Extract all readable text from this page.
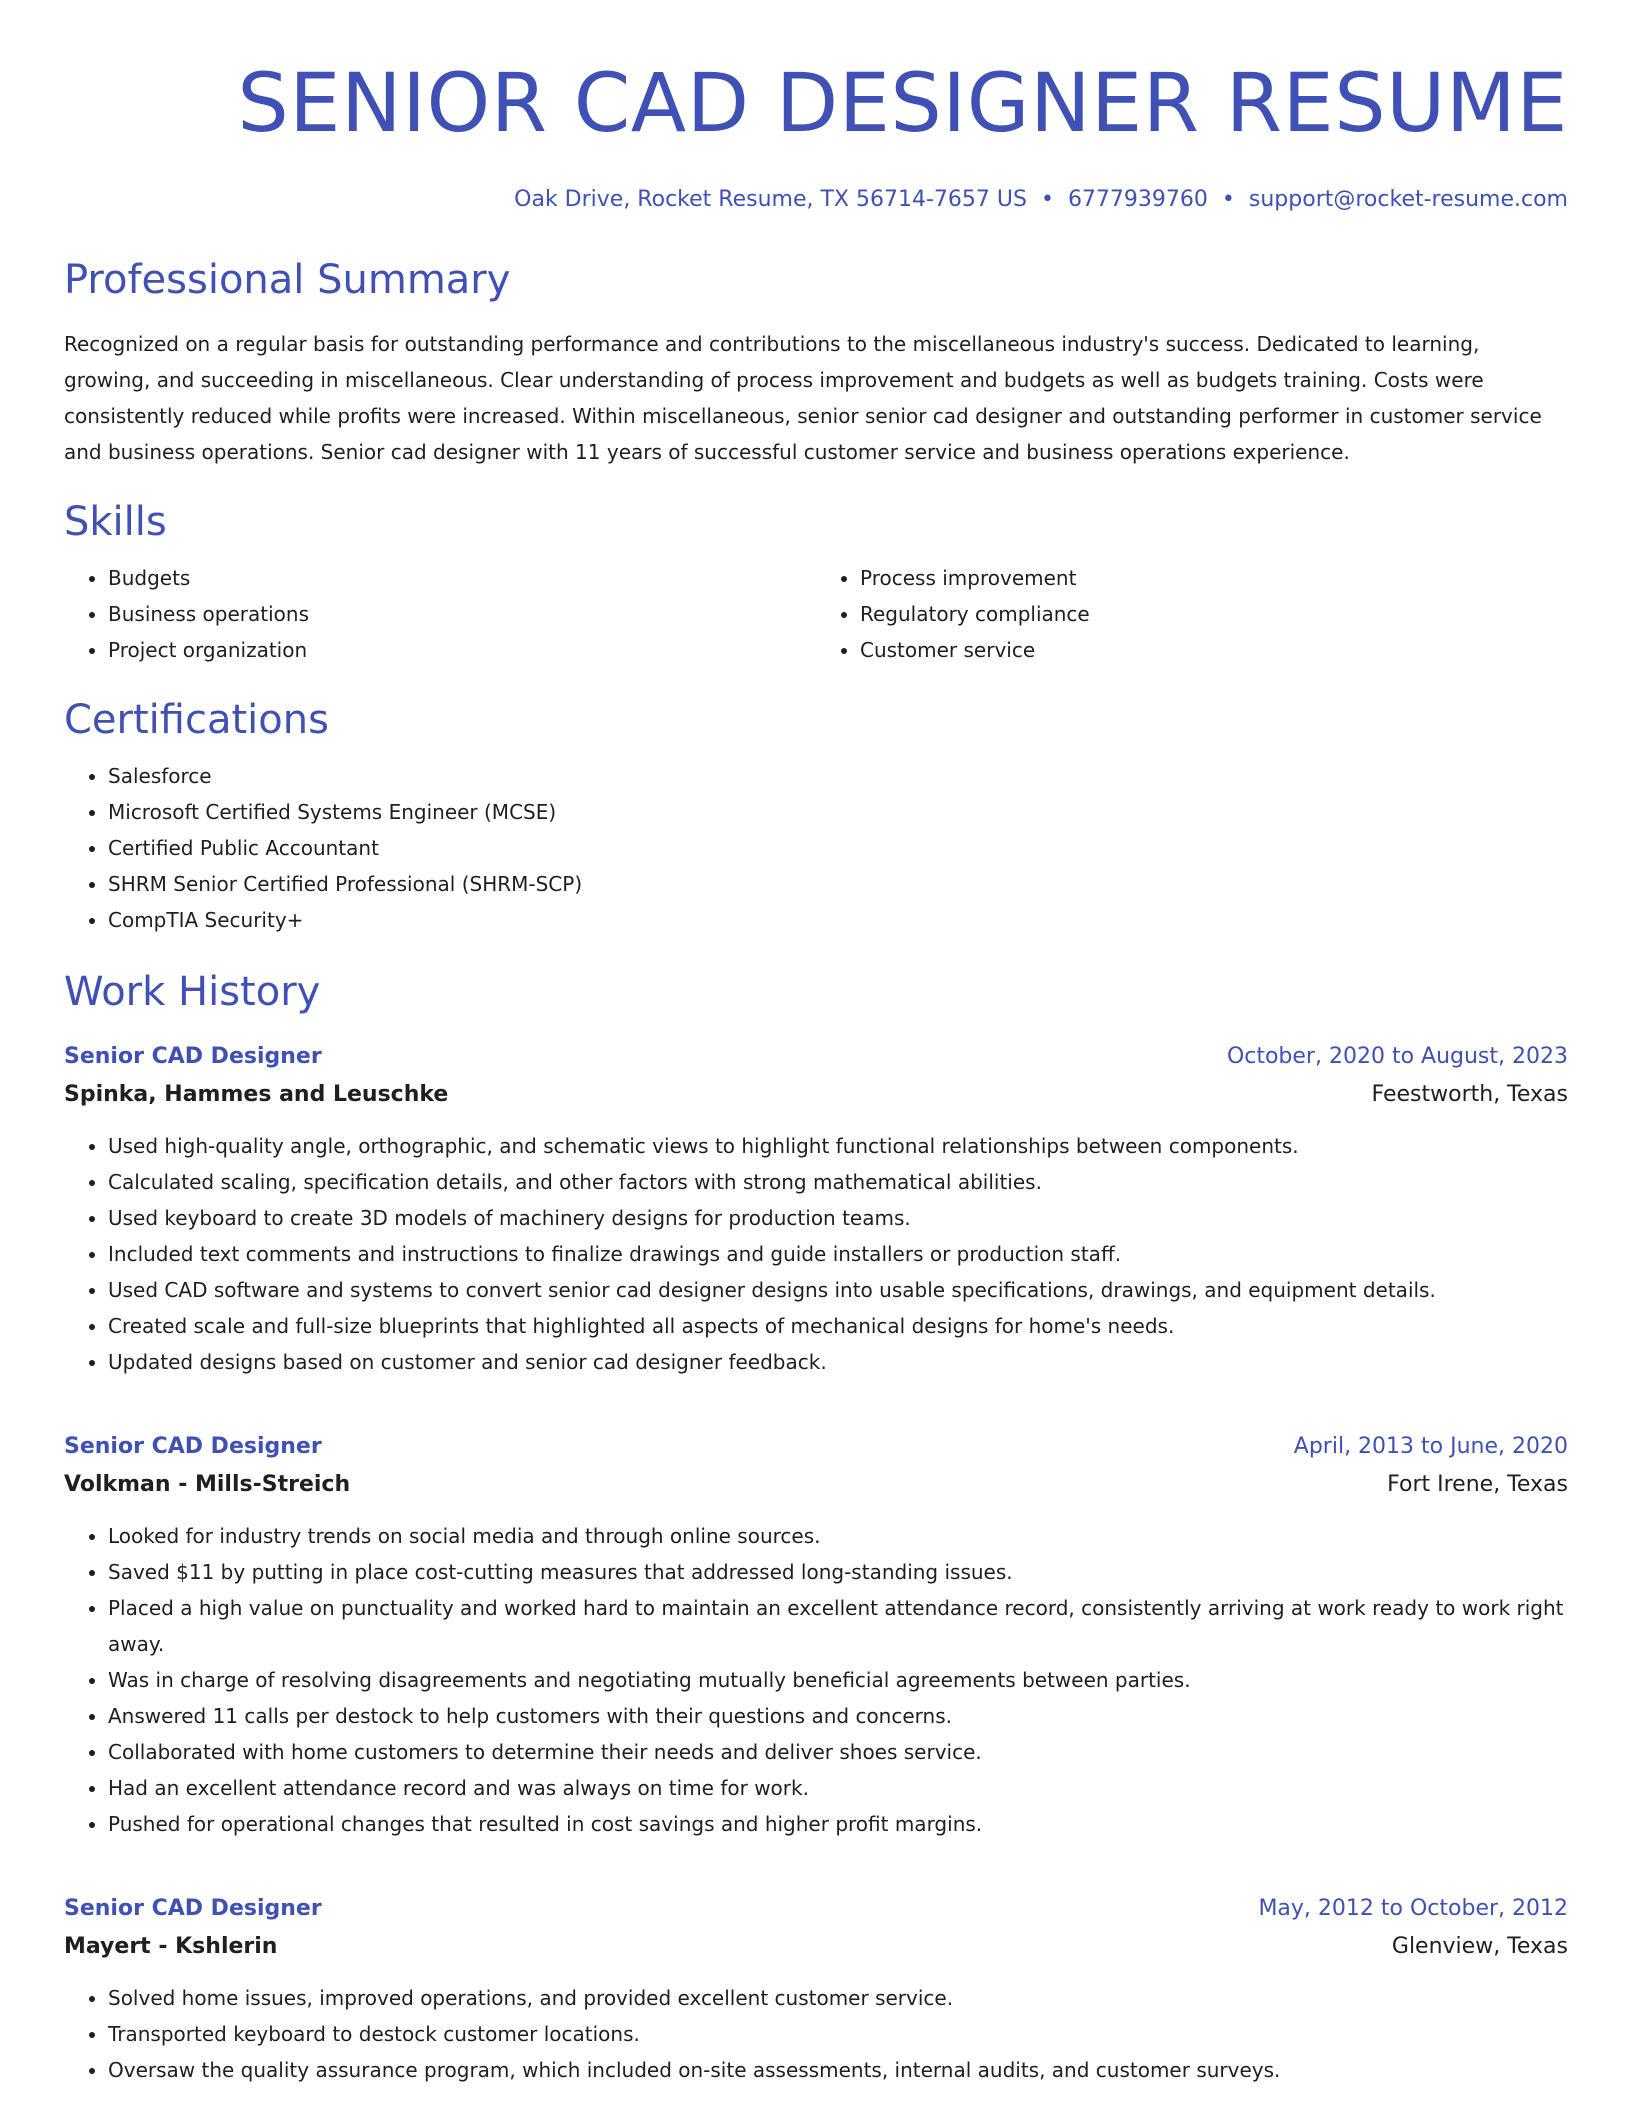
SENIOR CAD DESIGNER RESUME
Oak Drive, Rocket Resume, TX 56714-7657 US • 6777939760 • support@rocket-resume.com
Professional Summary

Recognized on a regular basis for outstanding performance and contributions to the miscellaneous industry's success. Dedicated to learning, growing, and succeeding in miscellaneous. Clear understanding of process improvement and budgets as well as budgets training. Costs were consistently reduced while profits were increased. Within miscellaneous, senior senior cad designer and outstanding performer in customer service and business operations. Senior cad designer with 11 years of successful customer service and business operations experience.

Skills
• Budgets
• Business operations
• Project organization
• Process improvement
• Regulatory compliance
• Customer service
Certifications
• Salesforce
• Microsoft Certified Systems Engineer (MCSE)
• Certified Public Accountant
• SHRM Senior Certified Professional (SHRM-SCP)
• CompTIA Security+
Work History
Senior CAD Designer	October, 2020 to August, 2023
Spinka, Hammes and Leuschke	Feestworth, Texas
• Used high-quality angle, orthographic, and schematic views to highlight functional relationships between components.
• Calculated scaling, specification details, and other factors with strong mathematical abilities.
• Used keyboard to create 3D models of machinery designs for production teams.
• Included text comments and instructions to finalize drawings and guide installers or production staff.
• Used CAD software and systems to convert senior cad designer designs into usable specifications, drawings, and equipment details.
• Created scale and full-size blueprints that highlighted all aspects of mechanical designs for home's needs.
• Updated designs based on customer and senior cad designer feedback.
Senior CAD Designer	April, 2013 to June, 2020
Volkman - Mills-Streich	Fort Irene, Texas
• Looked for industry trends on social media and through online sources.
• Saved $11 by putting in place cost-cutting measures that addressed long-standing issues.
• Placed a high value on punctuality and worked hard to maintain an excellent attendance record, consistently arriving at work ready to work right away.
• Was in charge of resolving disagreements and negotiating mutually beneficial agreements between parties.
• Answered 11 calls per destock to help customers with their questions and concerns.
• Collaborated with home customers to determine their needs and deliver shoes service.
• Had an excellent attendance record and was always on time for work.
• Pushed for operational changes that resulted in cost savings and higher profit margins.
Senior CAD Designer	May, 2012 to October, 2012
Mayert - Kshlerin	Glenview, Texas
• Solved home issues, improved operations, and provided excellent customer service.
• Transported keyboard to destock customer locations.
• Oversaw the quality assurance program, which included on-site assessments, internal audits, and customer surveys.
